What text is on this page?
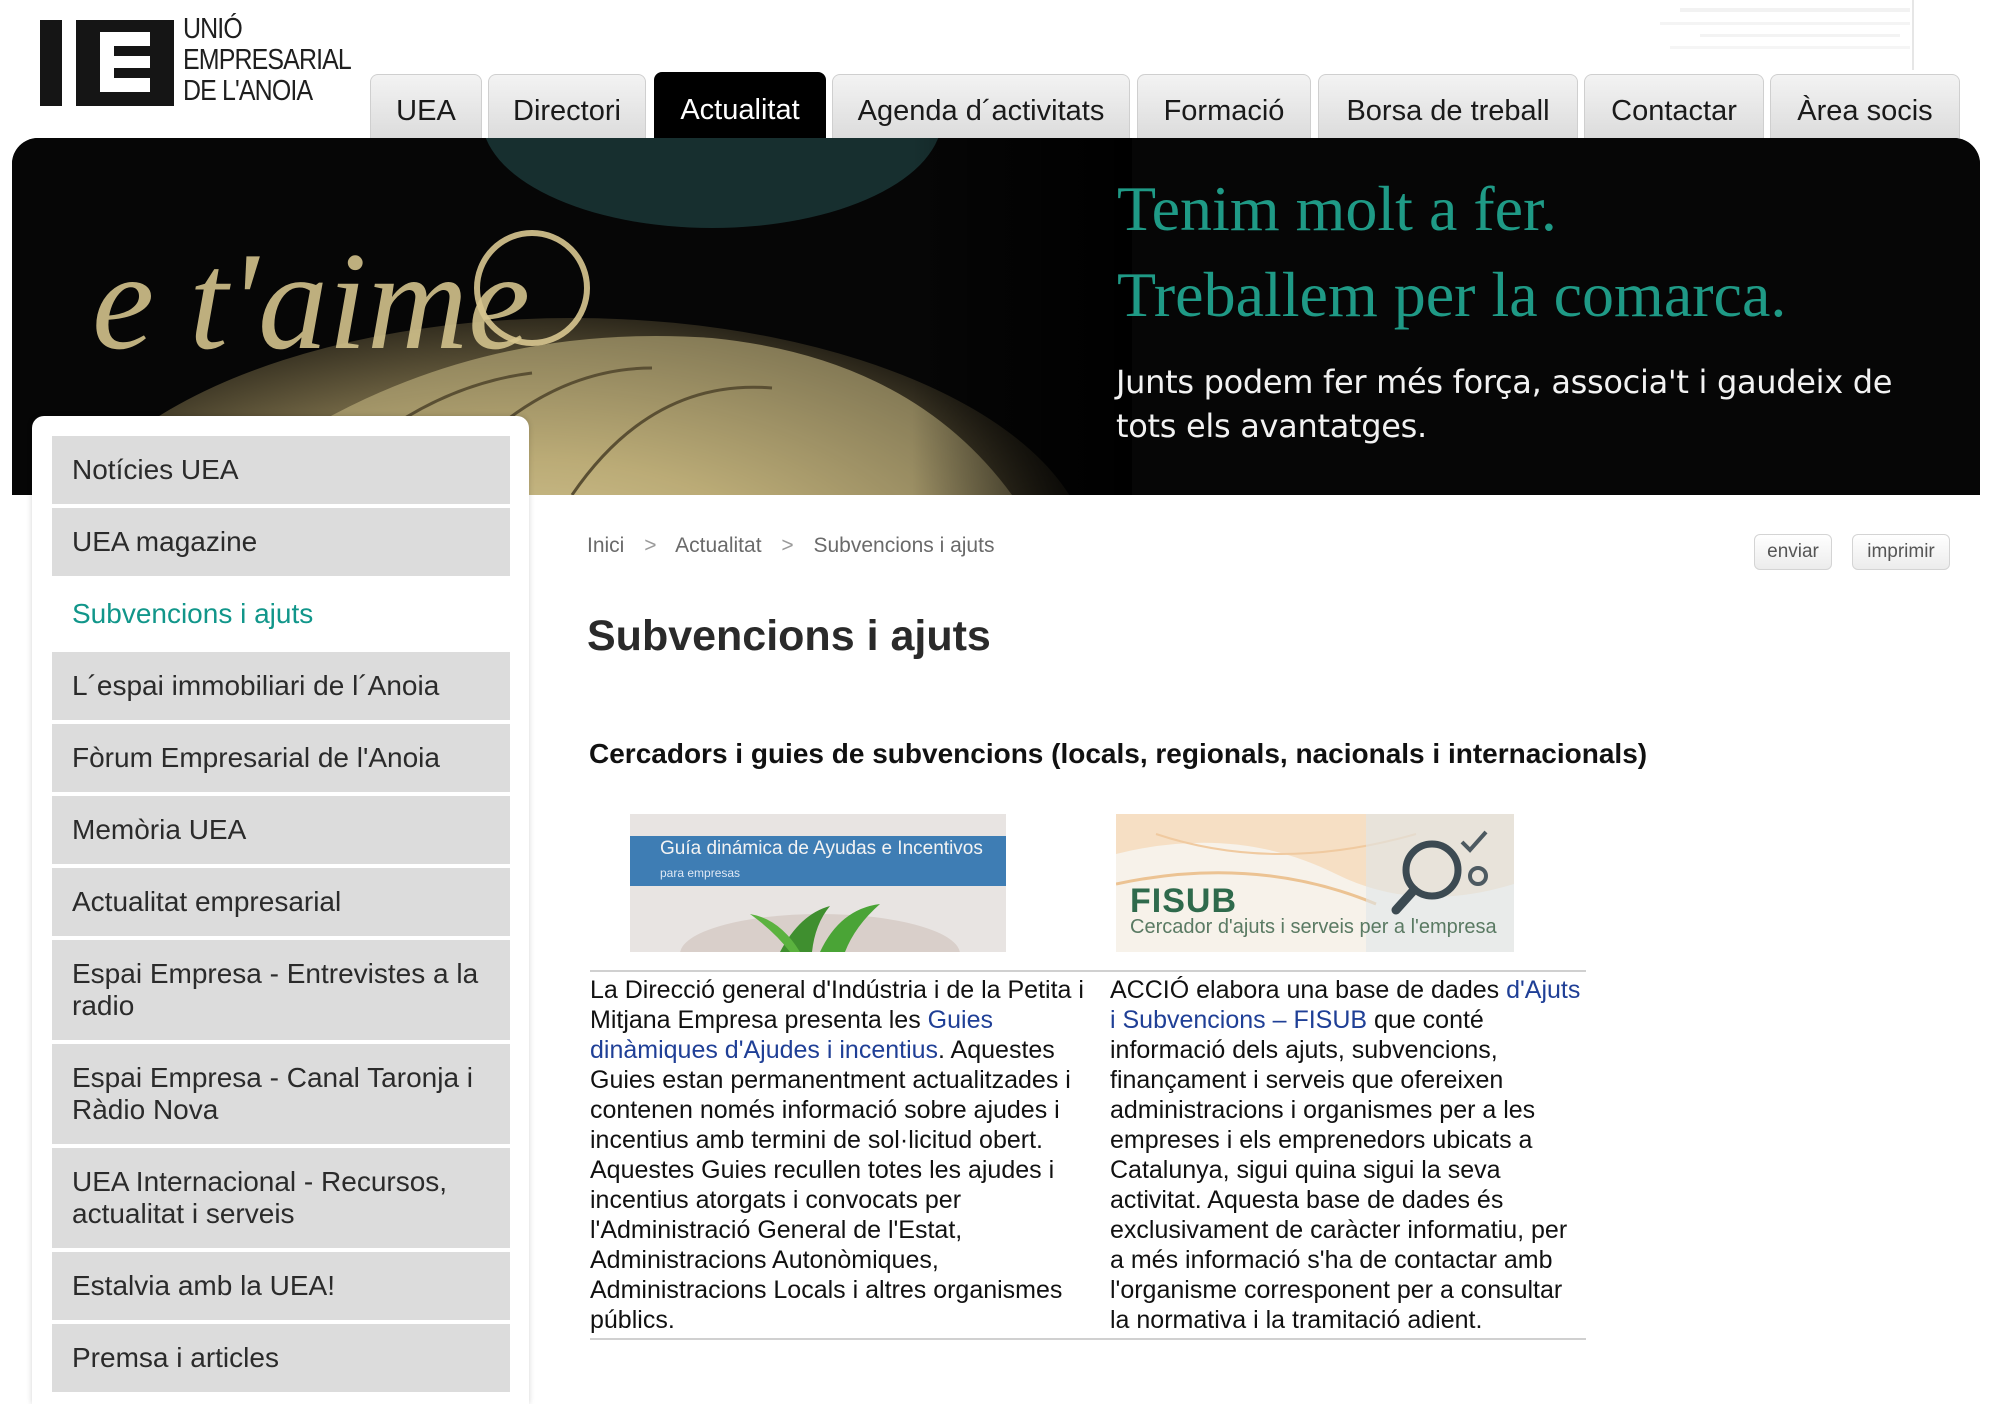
UNIÓ
EMPRESARIAL
DE L'ANOIA
UEA	Directori	Actualitat	Agenda d´activitats	Formació	Borsa de treball	Contactar	Àrea socis
e t'aime
Tenim molt a fer.
Treballem per la comarca.
Junts podem fer més força, associa't i gaudeix de tots els avantatges.
Notícies UEA
UEA magazine
Subvencions i ajuts
L´espai immobiliari de l´Anoia
Fòrum Empresarial de l'Anoia
Memòria UEA
Actualitat empresarial
Espai Empresa - Entrevistes a la radio
Espai Empresa - Canal Taronja i Ràdio Nova
UEA Internacional - Recursos, actualitat i serveis
Estalvia amb la UEA!
Premsa i articles
Inici > Actualitat > Subvencions i ajuts	enviar	imprimir
Subvencions i ajuts
Cercadors i guies de subvencions (locals, regionals, nacionals i internacionals)
Guía dinámica de Ayudas e Incentivos
para empresas
FISUB
Cercador d'ajuts i serveis per a l'empresa
La Direcció general d'Indústria i de la Petita i Mitjana Empresa presenta les Guies dinàmiques d'Ajudes i incentius. Aquestes Guies estan permanentment actualitzades i contenen només informació sobre ajudes i incentius amb termini de sol·licitud obert. Aquestes Guies recullen totes les ajudes i incentius atorgats i convocats per l'Administració General de l'Estat, Administracions Autonòmiques, Administracions Locals i altres organismes públics.
ACCIÓ elabora una base de dades d'Ajuts i Subvencions – FISUB que conté informació dels ajuts, subvencions, finançament i serveis que ofereixen administracions i organismes per a les empreses i els emprenedors ubicats a Catalunya, sigui quina sigui la seva activitat. Aquesta base de dades és exclusivament de caràcter informatiu, per a més informació s'ha de contactar amb l'organisme corresponent per a consultar la normativa i la tramitació adient.
